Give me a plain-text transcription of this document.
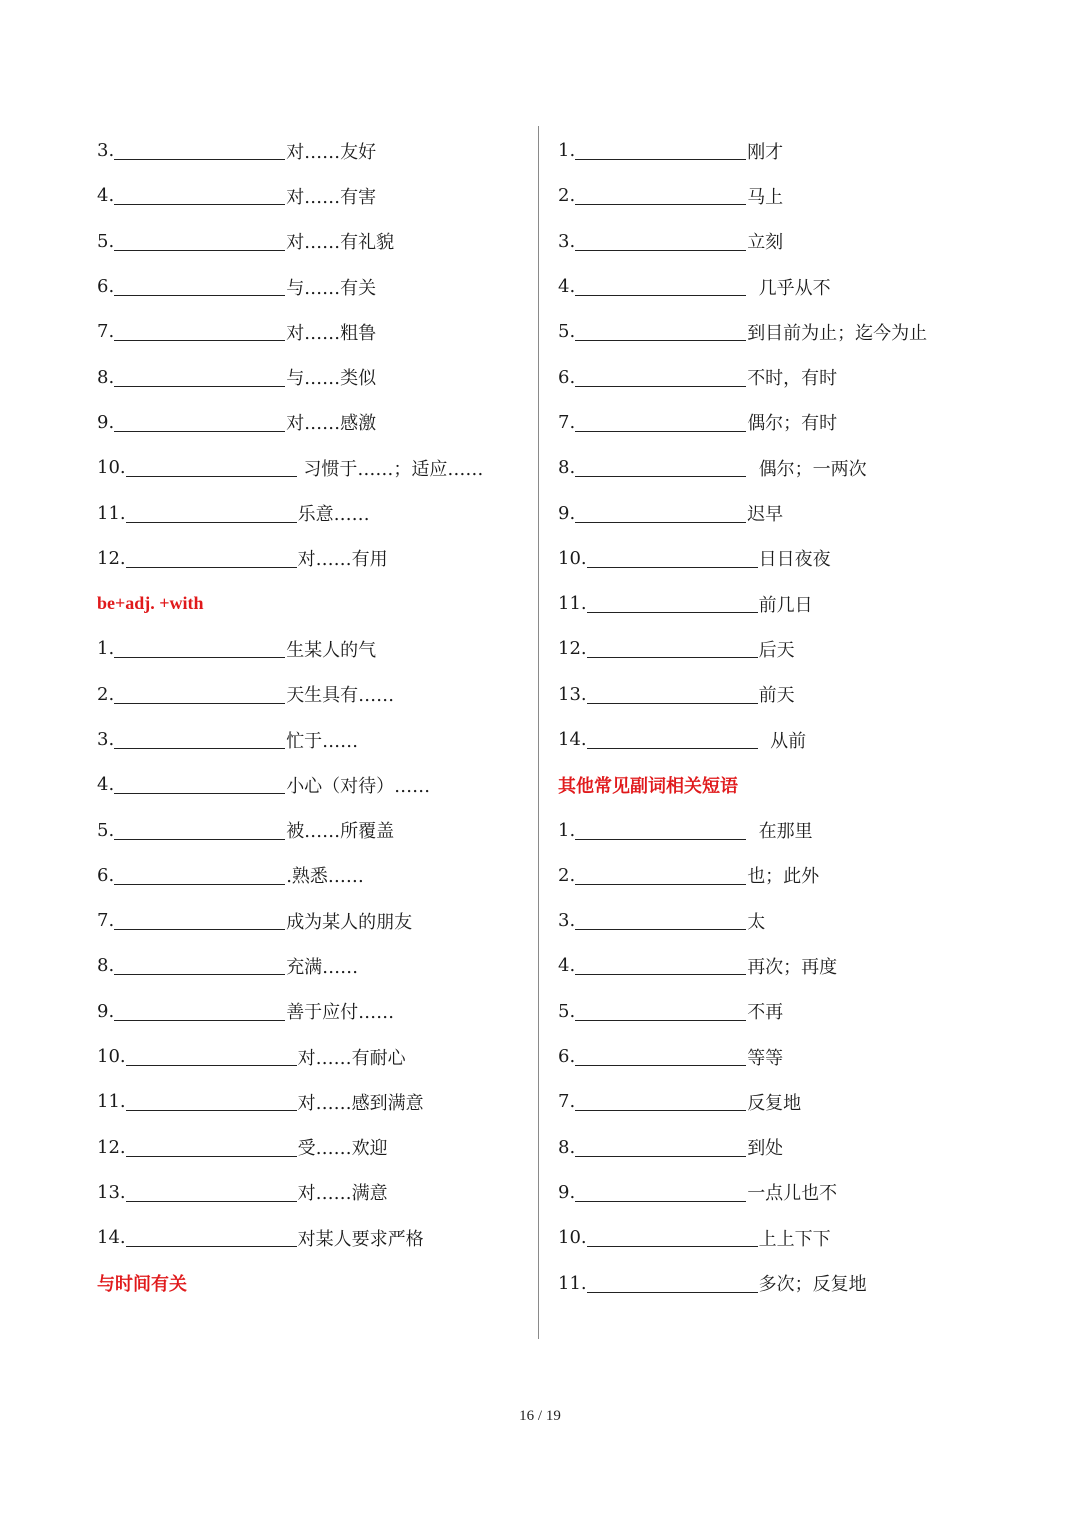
3.	对……友好
4.	对……有害
5.	对……有礼貌
6.	与……有关
7.	对……粗鲁
8.	与……类似
9.	对……感激
10.	习惯于……；适应……
11.	乐意……
12.	对……有用
be+adj. +with
1.	生某人的气
2.	天生具有……
3.	忙于……
4.	小心（对待）……
5.	被……所覆盖
6.	.熟悉……
7.	成为某人的朋友
8.	充满……
9.	善于应付……
10.	对……有耐心
11.	对……感到满意
12.	受……欢迎
13.	对……满意
14.	对某人要求严格
与时间有关
1.	刚才
2.	马上
3.	立刻
4.	几乎从不
5.	到目前为止；迄今为止
6.	不时，有时
7.	偶尔；有时
8.	偶尔；一两次
9.	迟早
10.	日日夜夜
11.	前几日
12.	后天
13.	前天
14.	从前
其他常见副词相关短语
1.	在那里
2.	也；此外
3.	太
4.	再次；再度
5.	不再
6.	等等
7.	反复地
8.	到处
9.	一点儿也不
10.	上上下下
11.	多次；反复地
16 / 19
